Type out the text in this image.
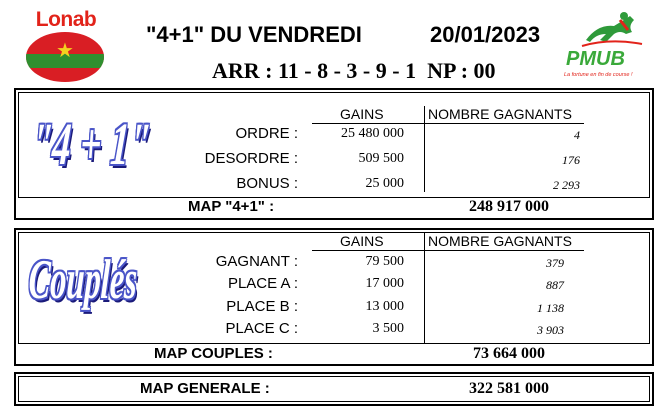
Lonab
★
"4+1" DU VENDREDI	20/01/2023
ARR : 11 - 8 - 3 - 9 - 1  NP : 00	PMUB
La fortune en fin de course !
"4 + 1"	GAINS	NOMBRE GAGNANTS
ORDRE :	25 480 000	4
DESORDRE :	509 500	176
BONUS :	25 000	2 293
MAP "4+1" :	248 917 000
Couplés
GAINS	NOMBRE GAGNANTS
GAGNANT :	79 500	379
PLACE A :	17 000	887
PLACE B :	13 000	1 138
PLACE C :	3 500	3 903
MAP COUPLES :	73 664 000
MAP GENERALE :	322 581 000
